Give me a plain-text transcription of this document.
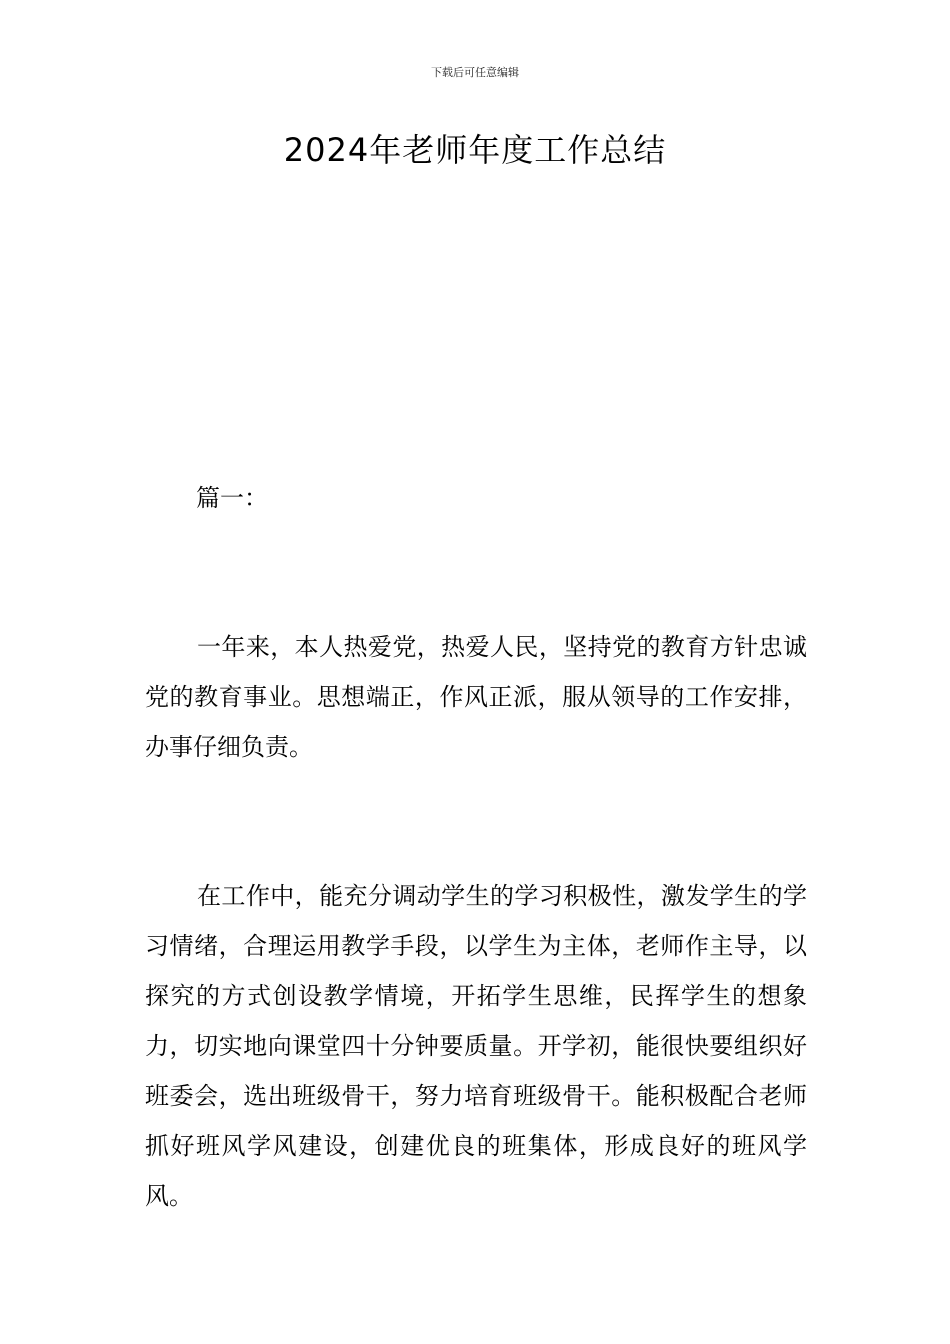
下载后可任意编辑
2024年老师年度工作总结
篇一：

一年来，本人热爱党，热爱人民，坚持党的教育方针忠诚党的教育事业。思想端正，作风正派，服从领导的工作安排，办事仔细负责。

在工作中，能充分调动学生的学习积极性，激发学生的学习情绪，合理运用教学手段，以学生为主体，老师作主导，以探究的方式创设教学情境，开拓学生思维，民挥学生的想象力，切实地向课堂四十分钟要质量。开学初，能很快要组织好班委会，选出班级骨干，努力培育班级骨干。能积极配合老师抓好班风学风建设，创建优良的班集体，形成良好的班风学风。
